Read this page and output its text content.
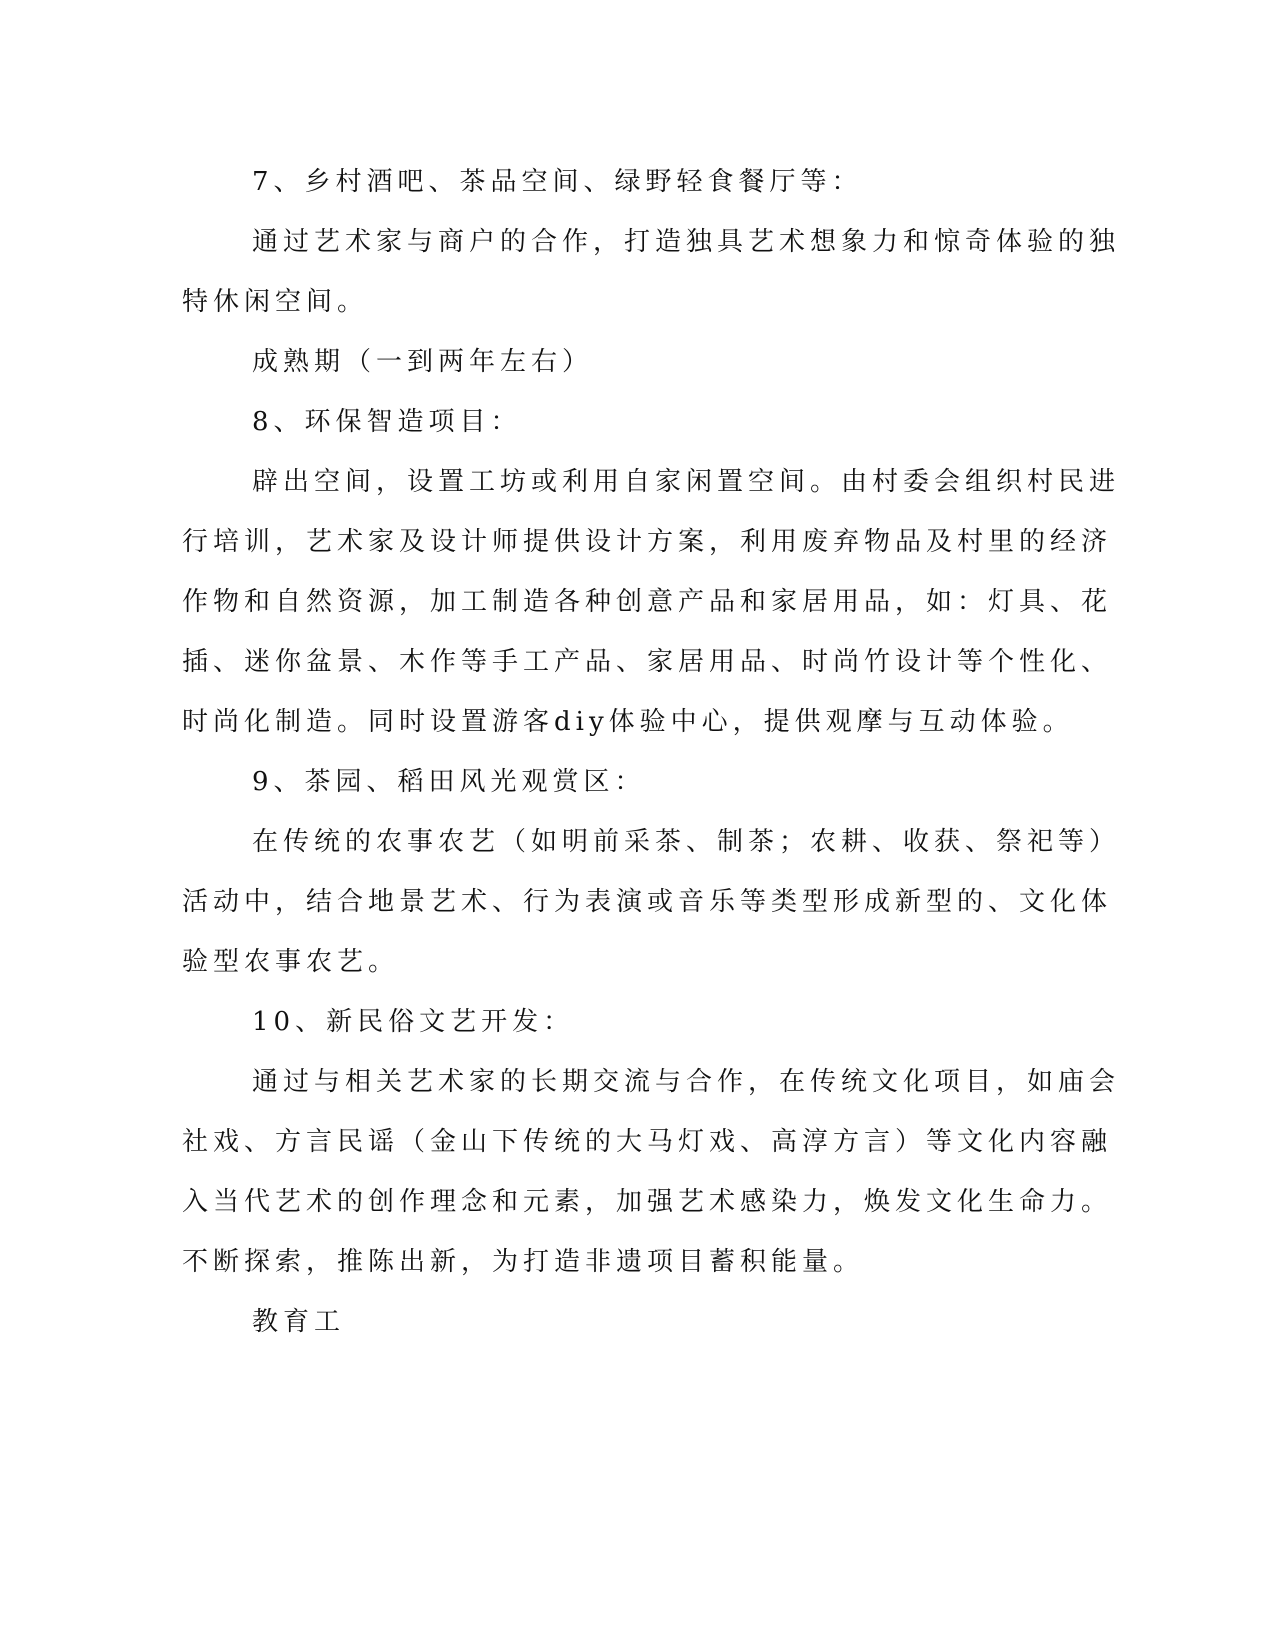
7、乡村酒吧、茶品空间、绿野轻食餐厅等：
通过艺术家与商户的合作，打造独具艺术想象力和惊奇体验的独
特休闲空间。
成熟期（一到两年左右）
8、环保智造项目：
辟出空间，设置工坊或利用自家闲置空间。由村委会组织村民进
行培训，艺术家及设计师提供设计方案，利用废弃物品及村里的经济
作物和自然资源，加工制造各种创意产品和家居用品，如：灯具、花
插、迷你盆景、木作等手工产品、家居用品、时尚竹设计等个性化、
时尚化制造。同时设置游客diy体验中心，提供观摩与互动体验。
9、茶园、稻田风光观赏区：
在传统的农事农艺（如明前采茶、制茶；农耕、收获、祭祀等）
活动中，结合地景艺术、行为表演或音乐等类型形成新型的、文化体
验型农事农艺。
10、新民俗文艺开发：
通过与相关艺术家的长期交流与合作，在传统文化项目，如庙会
社戏、方言民谣（金山下传统的大马灯戏、高淳方言）等文化内容融
入当代艺术的创作理念和元素，加强艺术感染力，焕发文化生命力。
不断探索，推陈出新，为打造非遗项目蓄积能量。
教育工
